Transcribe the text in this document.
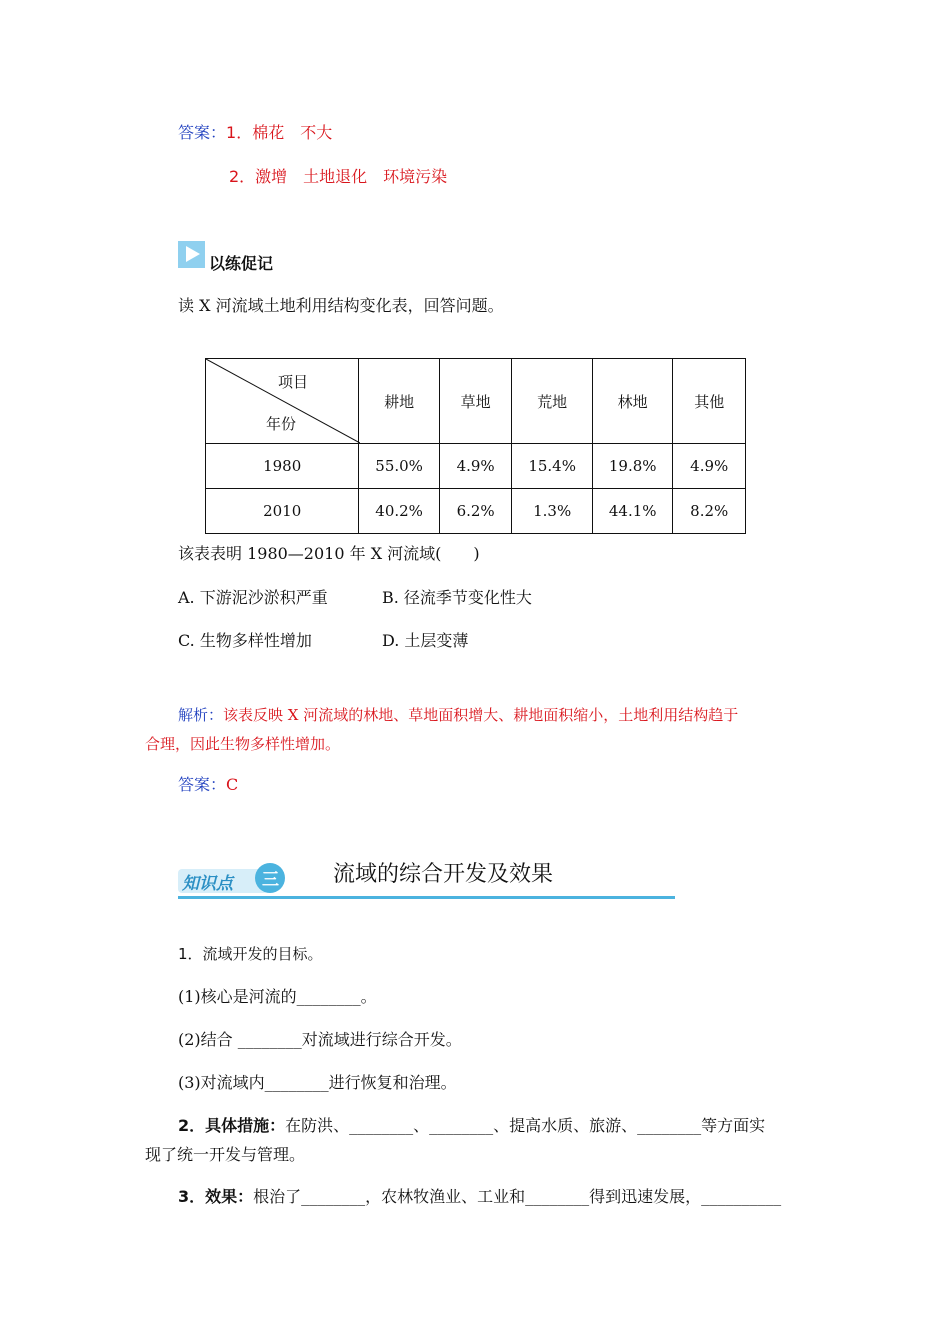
答案：1．棉花　不大
2．激增　土地退化　环境污染
以练促记
读 X 河流域土地利用结构变化表，回答问题。
项目
年份	耕地	草地	荒地	林地	其他
1980	55.0%	4.9%	15.4%	19.8%	4.9%
2010	40.2%	6.2%	1.3%	44.1%	8.2%
该表表明 1980—2010 年 X 河流域(　　)
A. 下游泥沙淤积严重	B. 径流季节变化性大
C. 生物多样性增加	D. 土层变薄
解析：该表反映 X 河流域的林地、草地面积增大、耕地面积缩小，土地利用结构趋于
合理，因此生物多样性增加。
答案：C
知识点 三 流域的综合开发及效果
1．流域开发的目标。
(1)核心是河流的________。
(2)结合 ________对流域进行综合开发。
(3)对流域内________进行恢复和治理。
2．具体措施：在防洪、________、________、提高水质、旅游、________等方面实
现了统一开发与管理。
3．效果：根治了________，农林牧渔业、工业和________得到迅速发展，__________
